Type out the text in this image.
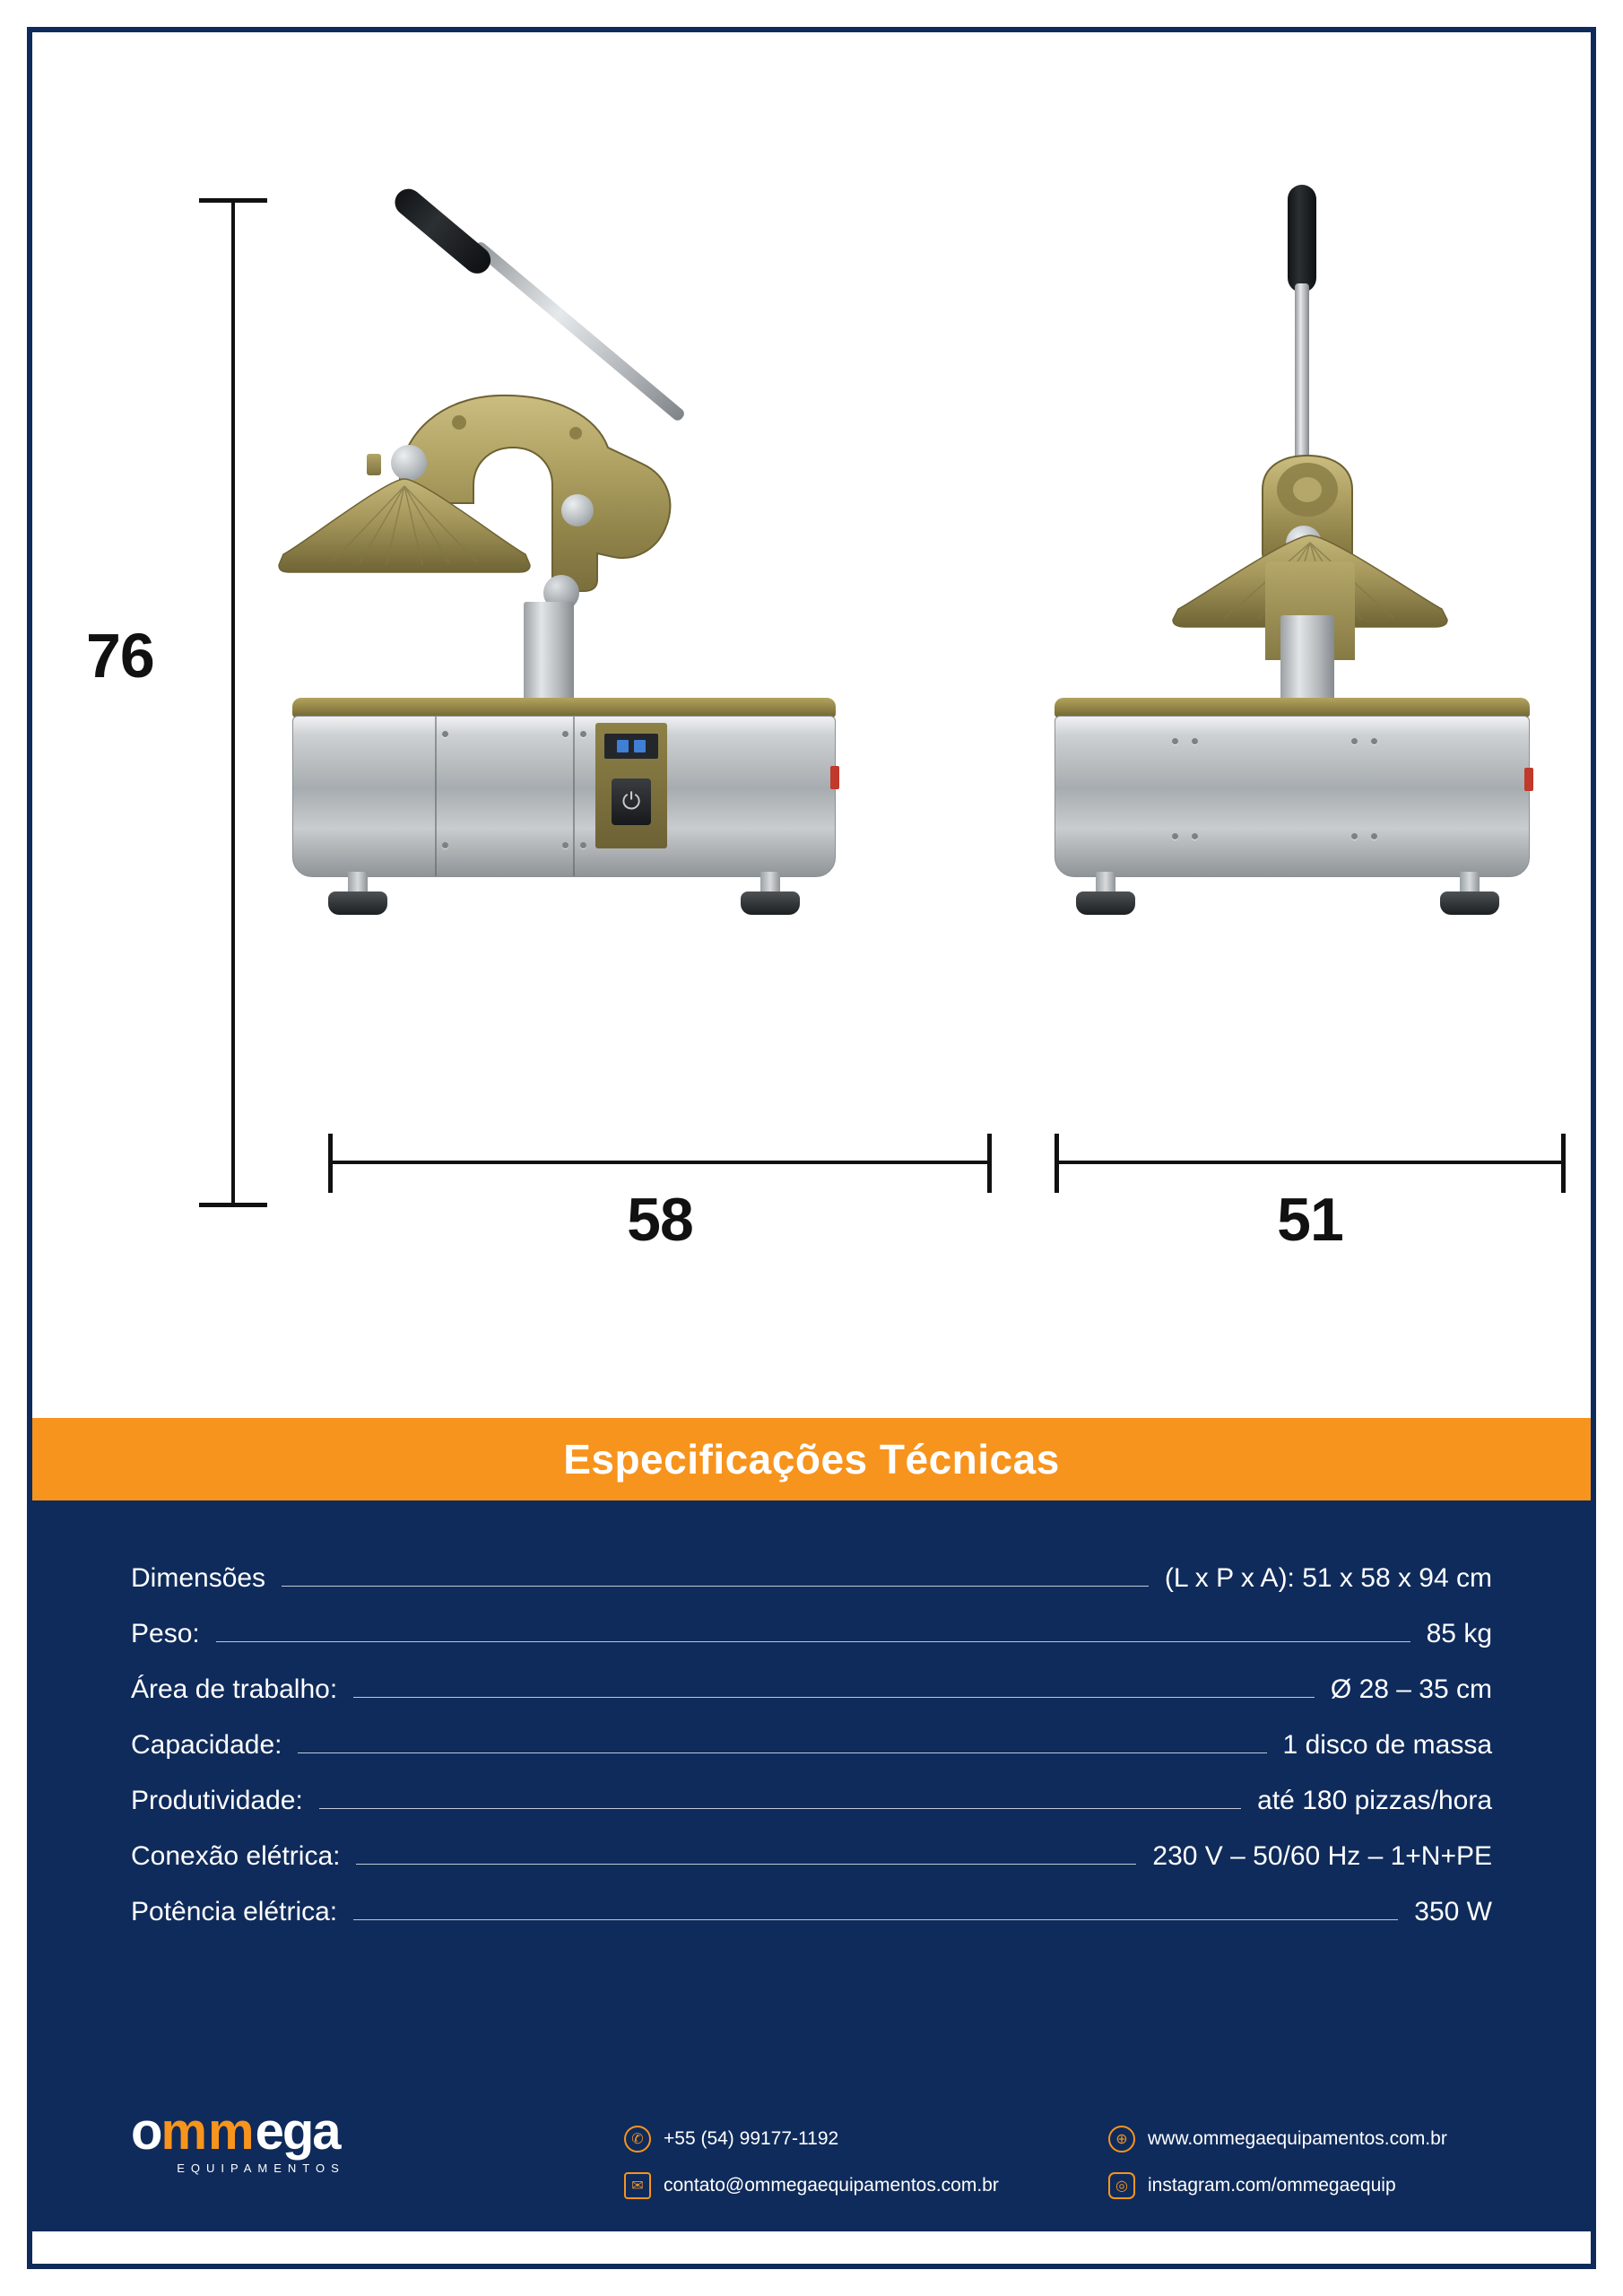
76
⏻
58	51
Especificações Técnicas
Dimensões	(L x P x A): 51 x 58 x 94 cm
Peso:	85 kg
Área de trabalho:	Ø 28 – 35 cm
Capacidade:	1 disco de massa
Produtividade:	até 180 pizzas/hora
Conexão elétrica:	230 V – 50/60 Hz – 1+N+PE
Potência elétrica:	350 W
ommega
EQUIPAMENTOS
✆	+55 (54) 99177-1192
✉	contato@ommegaequipamentos.com.br
⊕	www.ommegaequipamentos.com.br
◎	instagram.com/ommegaequip
